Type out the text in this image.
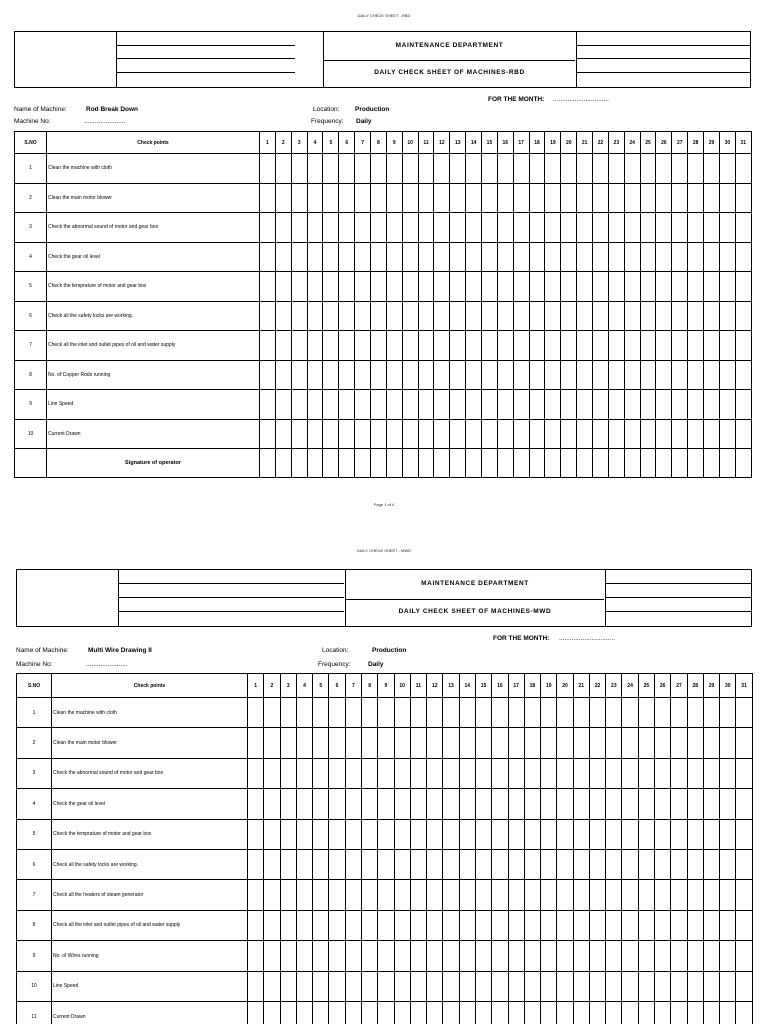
DAILY CHECK SHEET - RBD
MAINTENANCE DEPARTMENT
DAILY CHECK SHEET OF MACHINES-RBD
FOR THE MONTH: ...............................
Name of Machine:	Rod Break Down	Location: Production
Machine No:	.......................	Frequency: Daily
S.NO	Check points	1	2	3	4	5	6	7	8	9	10	11	12	13	14	15	16	17	18	19	20	21	22	23	24	25	26	27	28	29	30	31
1	Clean the machine with cloth																															
2	Clean the main motor blower																															
3	Check the abnormal sound of motor and gear box																															
4	Check the gear oil level																															
5	Check the temprature of motor and gear box																															
6	Check all the safety locks are working.																															
7	Check all the inlet and outlet pipes of oil and water supply																															
8	No. of Copper Rods running																															
9	Line Speed																															
10	Current Drawn																															
	Signature of operator																															
Page 1 of 4
DAILY CHECK SHEET - MWD
MAINTENANCE DEPARTMENT
DAILY CHECK SHEET OF MACHINES-MWD
FOR THE MONTH: ...............................
Name of Machine:	Multi Wire Drawing II	Location:	Production
Machine No:	.......................	Frequency:	Daily
S.NO	Check points	1	2	3	4	5	6	7	8	9	10	11	12	13	14	15	16	17	18	19	20	21	22	23	24	25	26	27	28	29	30	31
1	Clean the machine with cloth																															
2	Clean the main motor blower																															
3	Check the abnormal sound of motor and gear box																															
4	Check the gear oil level																															
5	Check the temprature of motor and gear box																															
6	Check all the safety locks are working.																															
7	Check all the heaters of steam generator																															
8	Check all the inlet and outlet pipes of oil and water supply																															
9	No. of Wires running																															
10	Line Speed																															
11	Current Drawn																															
